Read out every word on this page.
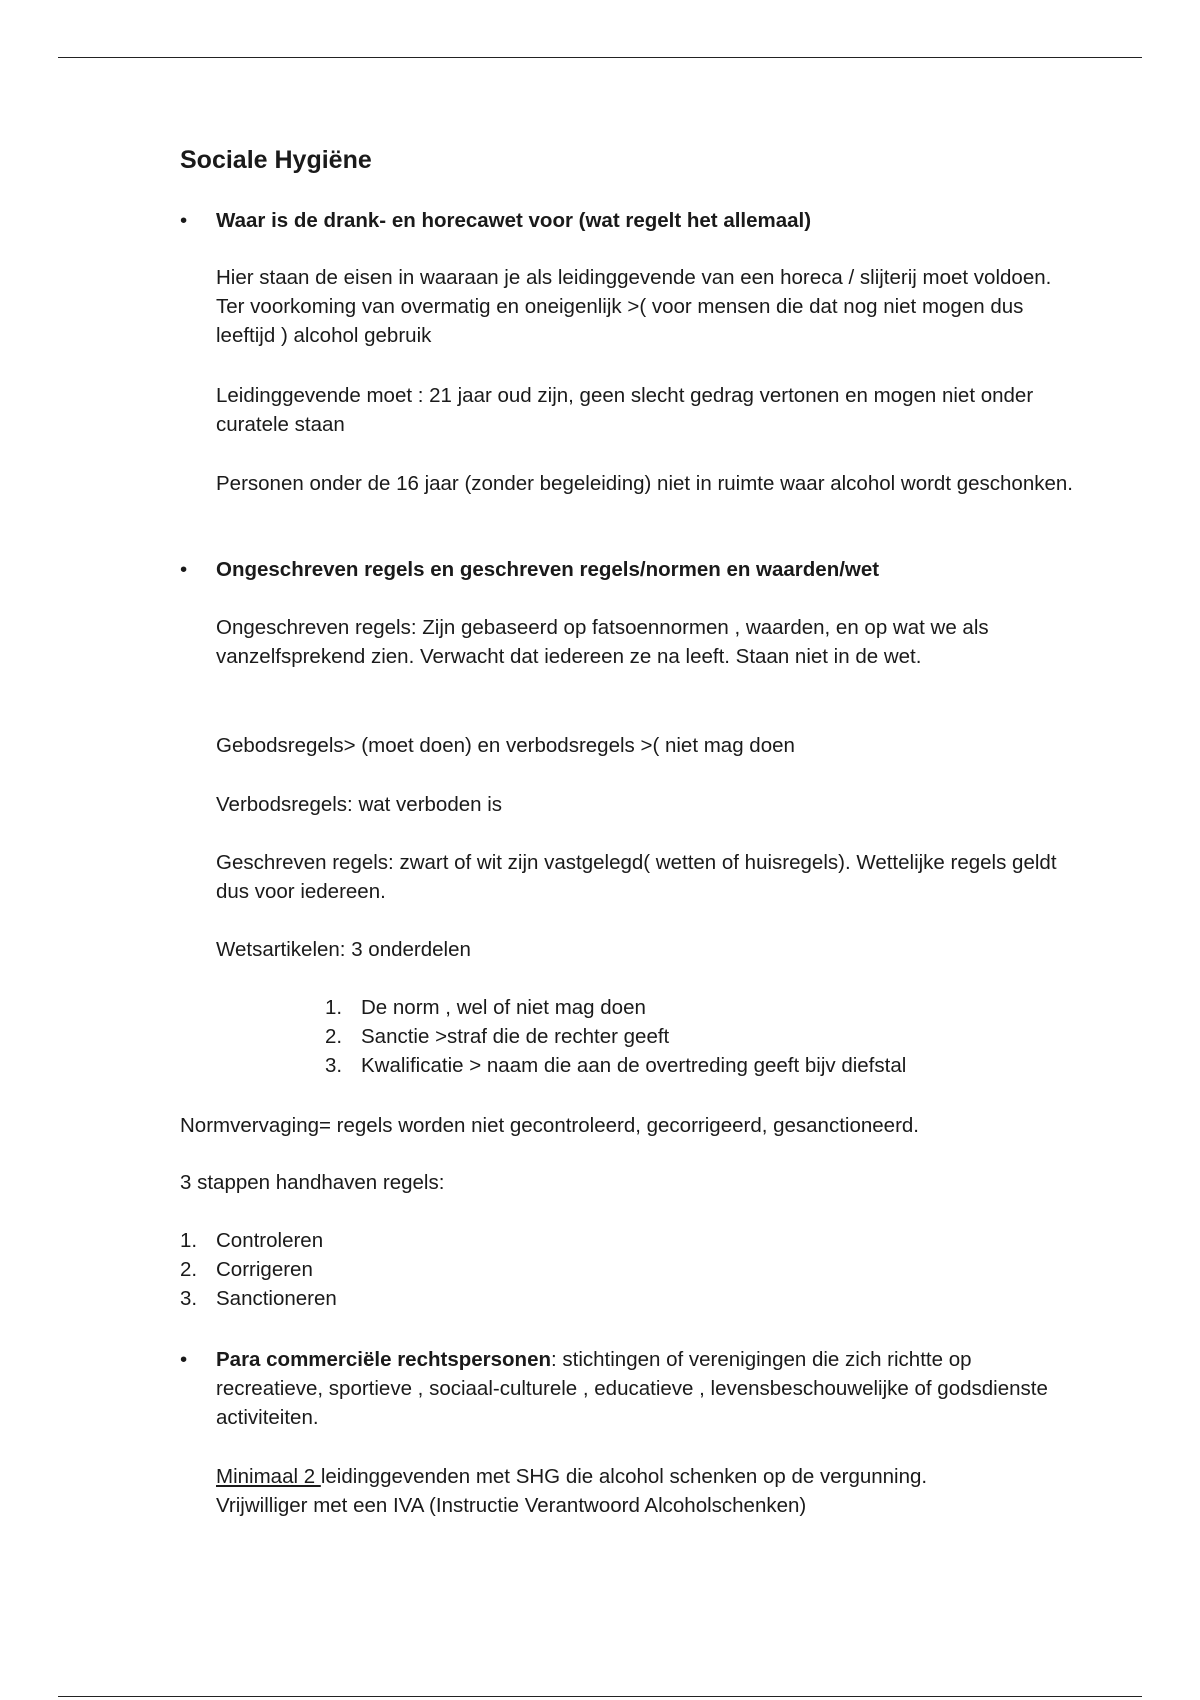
Sociale Hygiëne
• Waar is de drank- en horecawet voor (wat regelt het allemaal)

Hier staan de eisen in waaraan je als leidinggevende van een horeca / slijterij moet voldoen. Ter voorkoming van overmatig en oneigenlijk >( voor mensen die dat nog niet mogen dus leeftijd ) alcohol gebruik

Leidinggevende moet : 21 jaar oud zijn, geen slecht gedrag vertonen en mogen niet onder curatele staan

Personen onder de 16 jaar (zonder begeleiding) niet in ruimte waar alcohol wordt geschonken.

• Ongeschreven regels en geschreven regels/normen en waarden/wet

Ongeschreven regels: Zijn gebaseerd op fatsoennormen , waarden, en op wat we als vanzelfsprekend zien. Verwacht dat iedereen ze na leeft. Staan niet in de wet.

Gebodsregels> (moet doen) en verbodsregels >( niet mag doen

Verbodsregels: wat verboden is

Geschreven regels: zwart of wit zijn vastgelegd( wetten of huisregels). Wettelijke regels geldt dus voor iedereen.

Wetsartikelen: 3 onderdelen

1. De norm , wel of niet mag doen
2. Sanctie >straf die de rechter geeft
3. Kwalificatie > naam die aan de overtreding geeft bijv diefstal

Normvervaging= regels worden niet gecontroleerd, gecorrigeerd, gesanctioneerd.

3 stappen handhaven regels:

1. Controleren
2. Corrigeren
3. Sanctioneren
• Para commerciële rechtspersonen: stichtingen of verenigingen die zich richtte op recreatieve, sportieve , sociaal-culturele , educatieve , levensbeschouwelijke of godsdienste activiteiten.

Minimaal 2 leidinggevenden met SHG die alcohol schenken op de vergunning.
Vrijwilliger met een IVA (Instructie Verantwoord Alcoholschenken)
